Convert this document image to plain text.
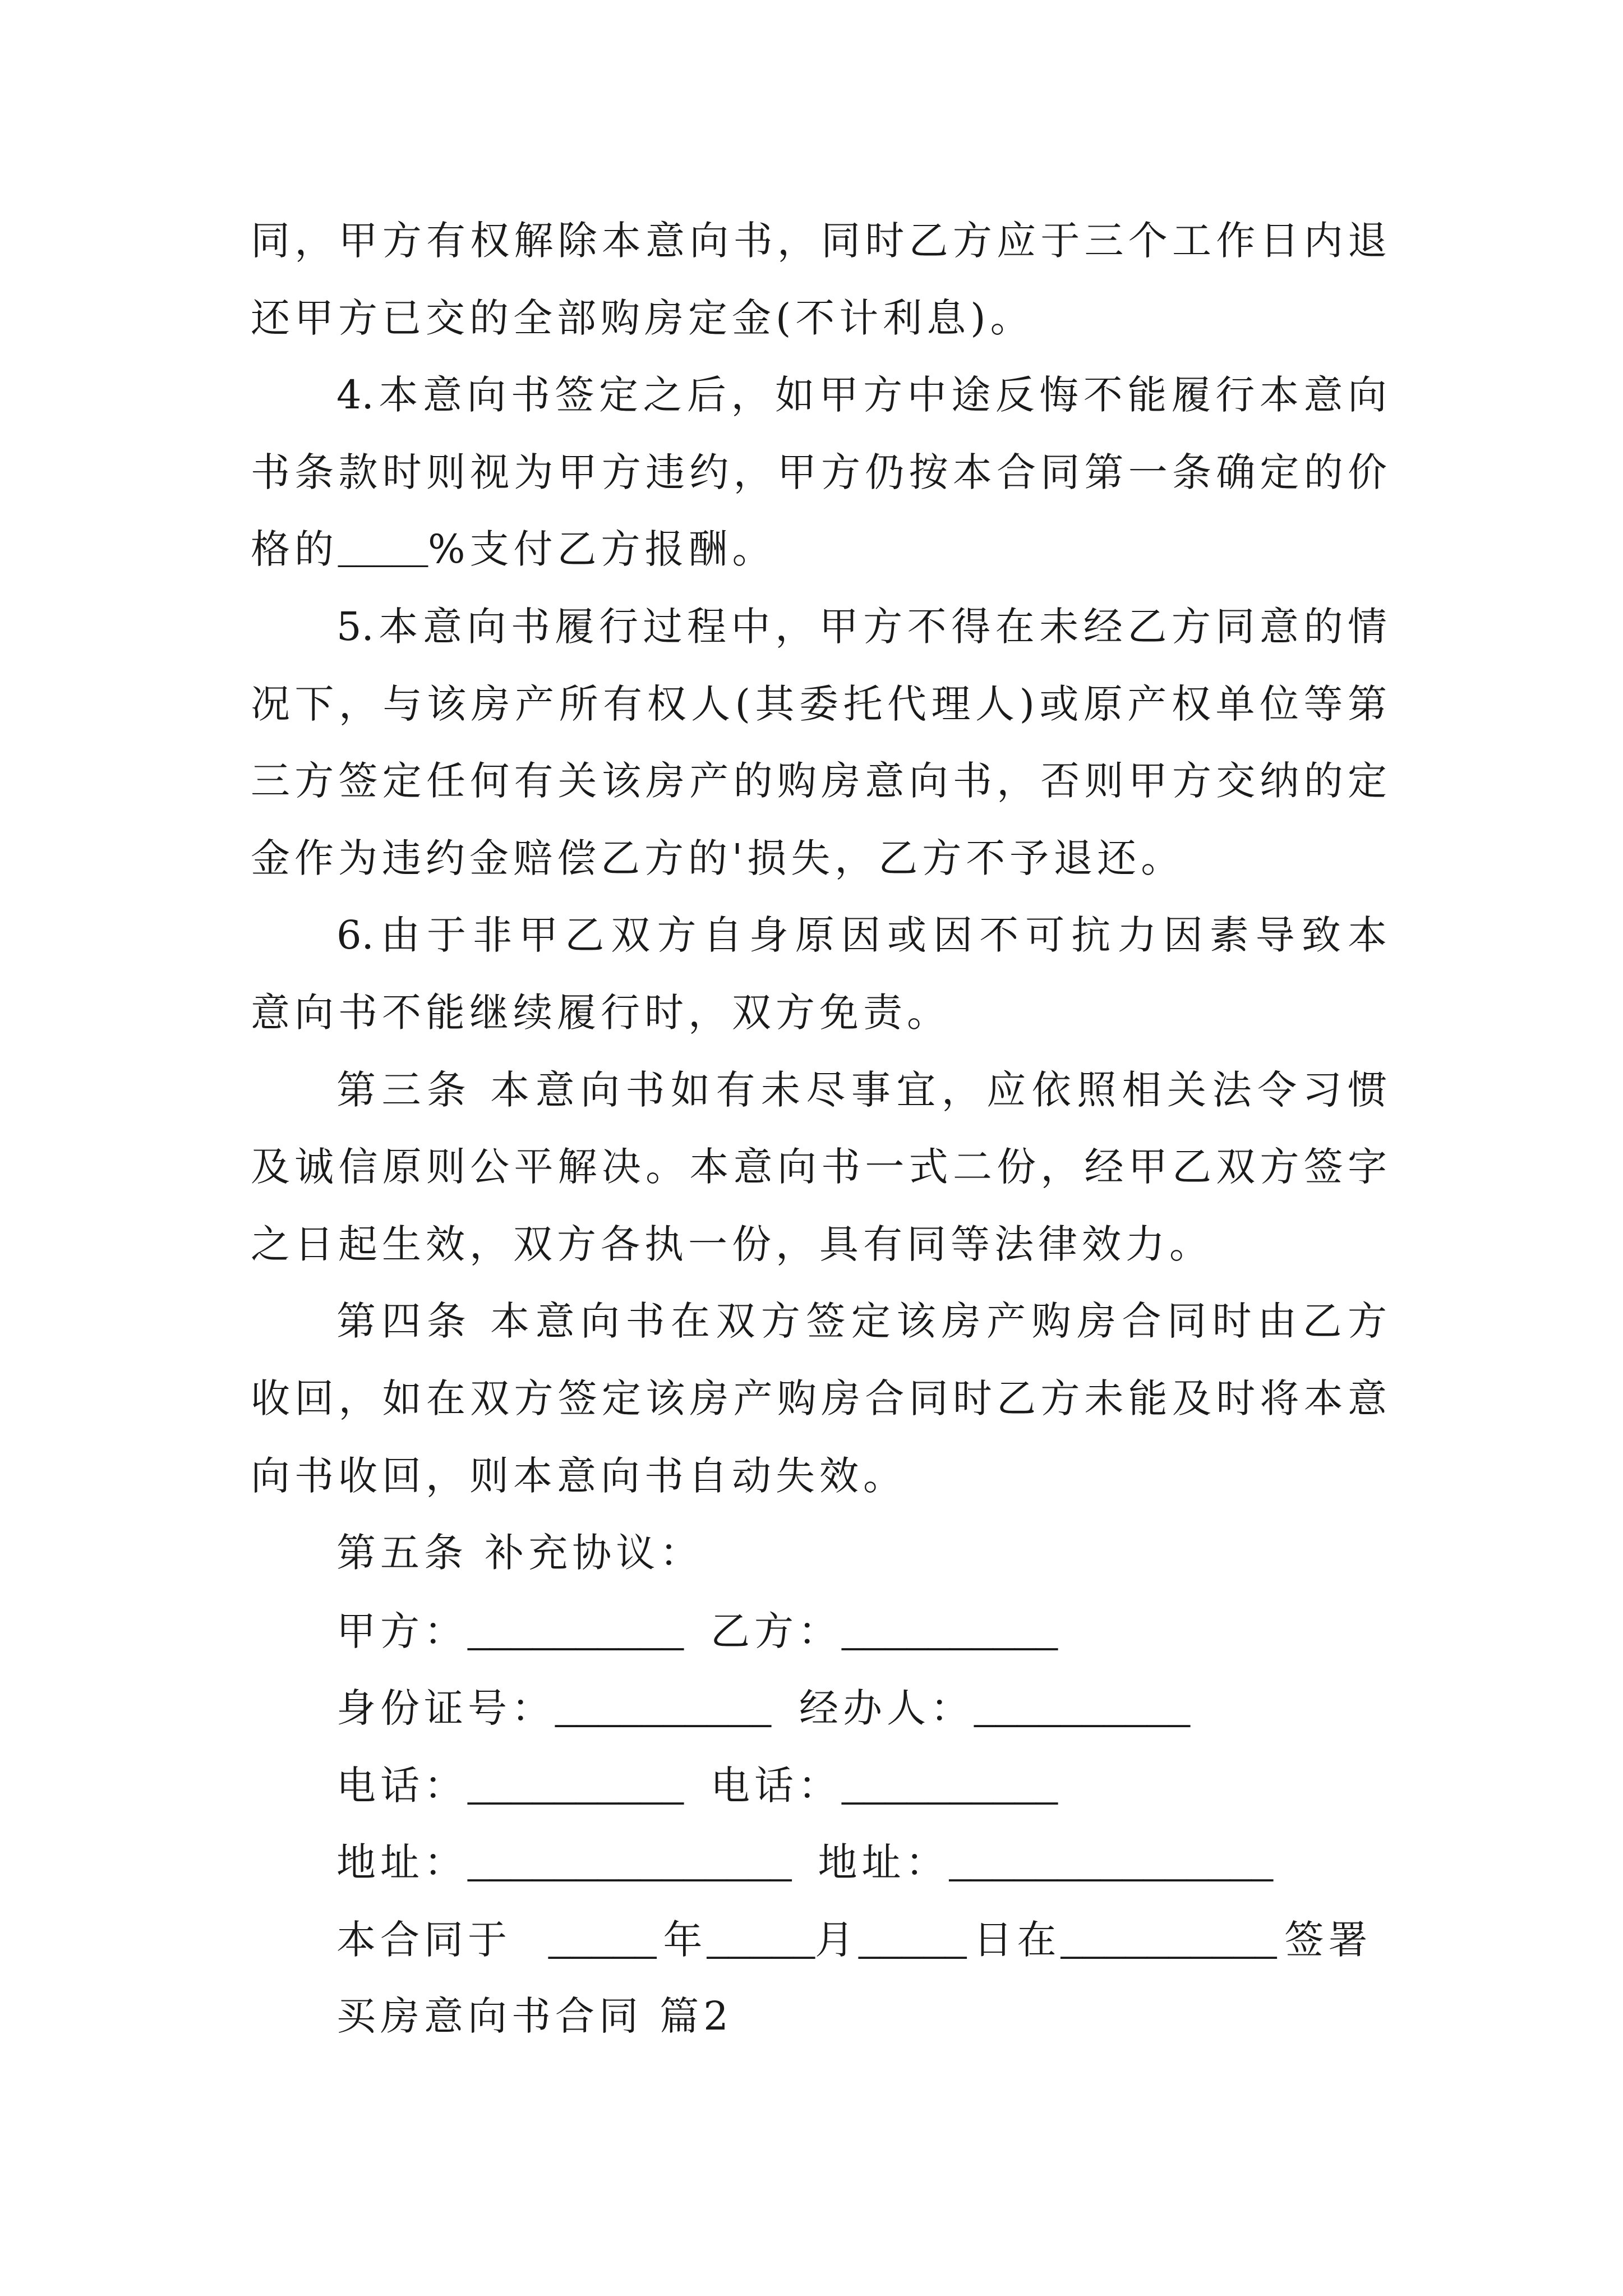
同，甲方有权解除本意向书，同时乙方应于三个工作日内退
还甲方已交的全部购房定金(不计利息)。
4.本意向书签定之后，如甲方中途反悔不能履行本意向
书条款时则视为甲方违约，甲方仍按本合同第一条确定的价
格的_____%支付乙方报酬。
5.本意向书履行过程中，甲方不得在未经乙方同意的情
况下，与该房产所有权人(其委托代理人)或原产权单位等第
三方签定任何有关该房产的购房意向书，否则甲方交纳的定
金作为违约金赔偿乙方的'损失，乙方不予退还。
6.由于非甲乙双方自身原因或因不可抗力因素导致本
意向书不能继续履行时，双方免责。
第三条 本意向书如有未尽事宜，应依照相关法令习惯
及诚信原则公平解决。本意向书一式二份，经甲乙双方签字
之日起生效，双方各执一份，具有同等法律效力。
第四条 本意向书在双方签定该房产购房合同时由乙方
收回，如在双方签定该房产购房合同时乙方未能及时将本意
向书收回，则本意向书自动失效。
第五条 补充协议：
甲方：__________ 乙方：__________
身份证号：__________ 经办人：__________
电话：__________ 电话：__________
地址：_______________ 地址：_______________
本合同于 _____ 年_____月_____ 日在__________ 签署
买房意向书合同 篇2
